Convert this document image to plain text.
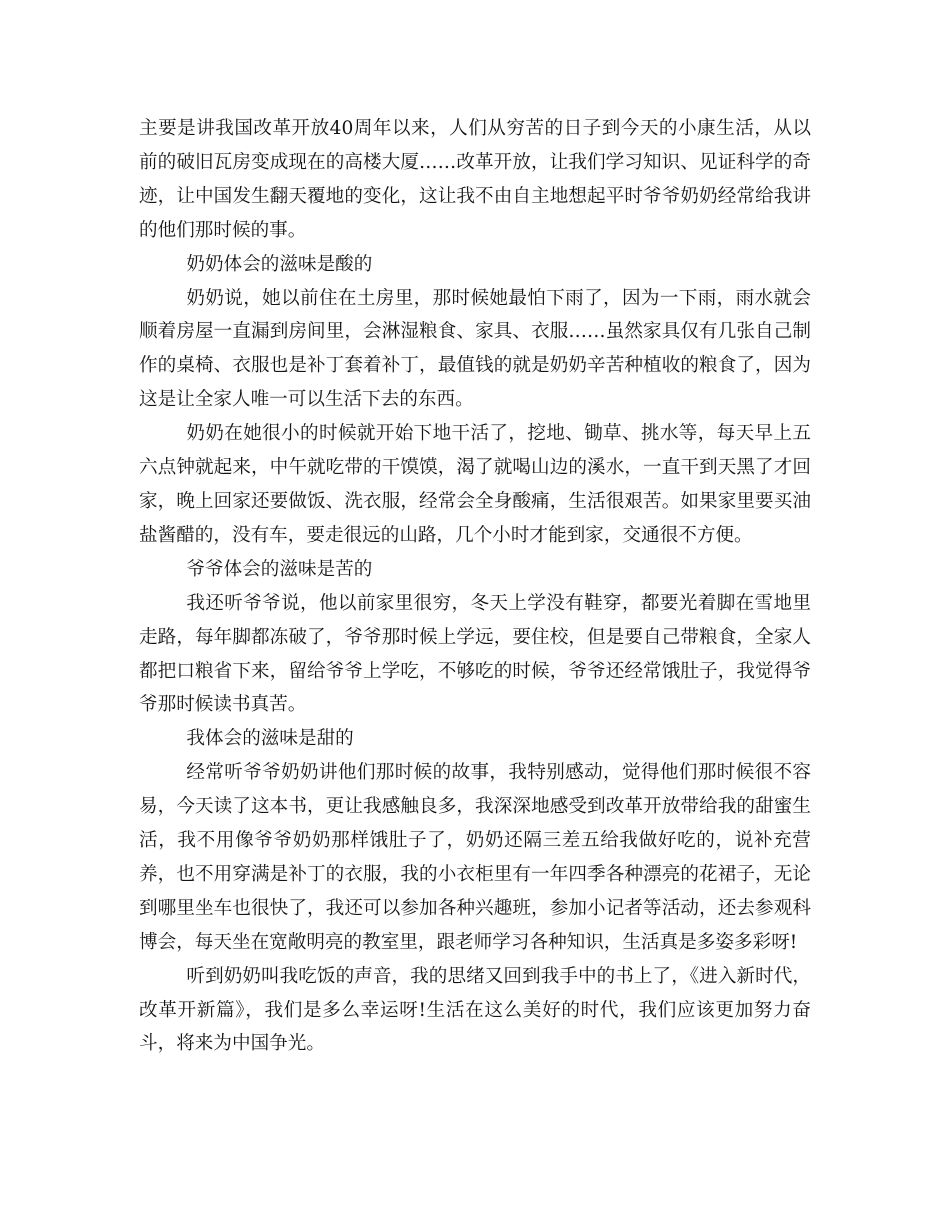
主要是讲我国改革开放40周年以来，人们从穷苦的日子到今天的小康生活，从以前的破旧瓦房变成现在的高楼大厦……改革开放，让我们学习知识、见证科学的奇迹，让中国发生翻天覆地的变化，这让我不由自主地想起平时爷爷奶奶经常给我讲的他们那时候的事。

奶奶体会的滋味是酸的

奶奶说，她以前住在土房里，那时候她最怕下雨了，因为一下雨，雨水就会顺着房屋一直漏到房间里，会淋湿粮食、家具、衣服……虽然家具仅有几张自己制作的桌椅、衣服也是补丁套着补丁，最值钱的就是奶奶辛苦种植收的粮食了，因为这是让全家人唯一可以生活下去的东西。

奶奶在她很小的时候就开始下地干活了，挖地、锄草、挑水等，每天早上五六点钟就起来，中午就吃带的干馍馍，渴了就喝山边的溪水，一直干到天黑了才回家，晚上回家还要做饭、洗衣服，经常会全身酸痛，生活很艰苦。如果家里要买油盐酱醋的，没有车，要走很远的山路，几个小时才能到家，交通很不方便。

爷爷体会的滋味是苦的

我还听爷爷说，他以前家里很穷，冬天上学没有鞋穿，都要光着脚在雪地里走路，每年脚都冻破了，爷爷那时候上学远，要住校，但是要自己带粮食，全家人都把口粮省下来，留给爷爷上学吃，不够吃的时候，爷爷还经常饿肚子，我觉得爷爷那时候读书真苦。

我体会的滋味是甜的

经常听爷爷奶奶讲他们那时候的故事，我特别感动，觉得他们那时候很不容易，今天读了这本书，更让我感触良多，我深深地感受到改革开放带给我的甜蜜生活，我不用像爷爷奶奶那样饿肚子了，奶奶还隔三差五给我做好吃的，说补充营养，也不用穿满是补丁的衣服，我的小衣柜里有一年四季各种漂亮的花裙子，无论到哪里坐车也很快了，我还可以参加各种兴趣班，参加小记者等活动，还去参观科博会，每天坐在宽敞明亮的教室里，跟老师学习各种知识，生活真是多姿多彩呀!

听到奶奶叫我吃饭的声音，我的思绪又回到我手中的书上了，《进入新时代，改革开新篇》，我们是多么幸运呀!生活在这么美好的时代，我们应该更加努力奋斗，将来为中国争光。
